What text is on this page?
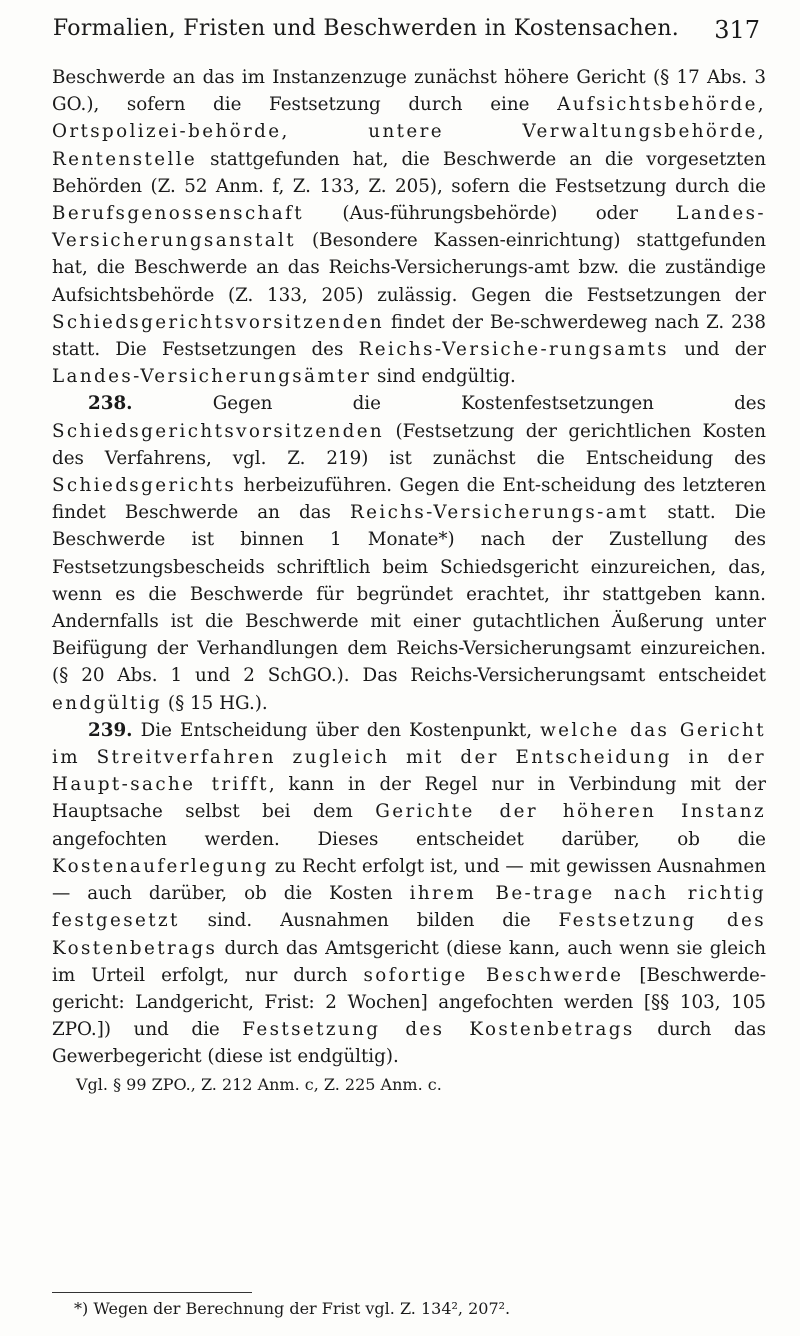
Formalien, Fristen und Beschwerden in Kostensachen. 317

Beschwerde an das im Instanzenzuge zunächst höhere Gericht (§ 17 Abs. 3 GO.), sofern die Festsetzung durch eine Aufsichtsbehörde, Ortspolizei-behörde, untere Verwaltungsbehörde, Rentenstelle stattgefunden hat, die Beschwerde an die vorgesetzten Behörden (Z. 52 Anm. f, Z. 133, Z. 205), sofern die Festsetzung durch die Berufsgenossenschaft (Aus-führungsbehörde) oder Landes-Versicherungsanstalt (Besondere Kassen-einrichtung) stattgefunden hat, die Beschwerde an das Reichs-Versicherungs-amt bzw. die zuständige Aufsichtsbehörde (Z. 133, 205) zulässig. Gegen die Festsetzungen der Schiedsgerichtsvorsitzenden findet der Be-schwerdeweg nach Z. 238 statt. Die Festsetzungen des Reichs-Versiche-rungsamts und der Landes-Versicherungsämter sind endgültig.

238. Gegen die Kostenfestsetzungen des Schiedsgerichtsvorsitzenden (Festsetzung der gerichtlichen Kosten des Verfahrens, vgl. Z. 219) ist zunächst die Entscheidung des Schiedsgerichts herbeizuführen. Gegen die Ent-scheidung des letzteren findet Beschwerde an das Reichs-Versicherungs-amt statt. Die Beschwerde ist binnen 1 Monate*) nach der Zustellung des Festsetzungsbescheids schriftlich beim Schiedsgericht einzureichen, das, wenn es die Beschwerde für begründet erachtet, ihr stattgeben kann. Andernfalls ist die Beschwerde mit einer gutachtlichen Äußerung unter Beifügung der Verhandlungen dem Reichs-Versicherungsamt einzureichen. (§ 20 Abs. 1 und 2 SchGO.). Das Reichs-Versicherungsamt entscheidet endgültig (§ 15 HG.).

239. Die Entscheidung über den Kostenpunkt, welche das Gericht im Streitverfahren zugleich mit der Entscheidung in der Haupt-sache trifft, kann in der Regel nur in Verbindung mit der Hauptsache selbst bei dem Gerichte der höheren Instanz angefochten werden. Dieses entscheidet darüber, ob die Kostenauferlegung zu Recht erfolgt ist, und — mit gewissen Ausnahmen — auch darüber, ob die Kosten ihrem Be-trage nach richtig festgesetzt sind. Ausnahmen bilden die Festsetzung des Kostenbetrags durch das Amtsgericht (diese kann, auch wenn sie gleich im Urteil erfolgt, nur durch sofortige Beschwerde [Beschwerde-gericht: Landgericht, Frist: 2 Wochen] angefochten werden [§§ 103, 105 ZPO.]) und die Festsetzung des Kostenbetrags durch das Gewerbegericht (diese ist endgültig).

Vgl. § 99 ZPO., Z. 212 Anm. c, Z. 225 Anm. c.

*) Wegen der Berechnung der Frist vgl. Z. 134², 207².
